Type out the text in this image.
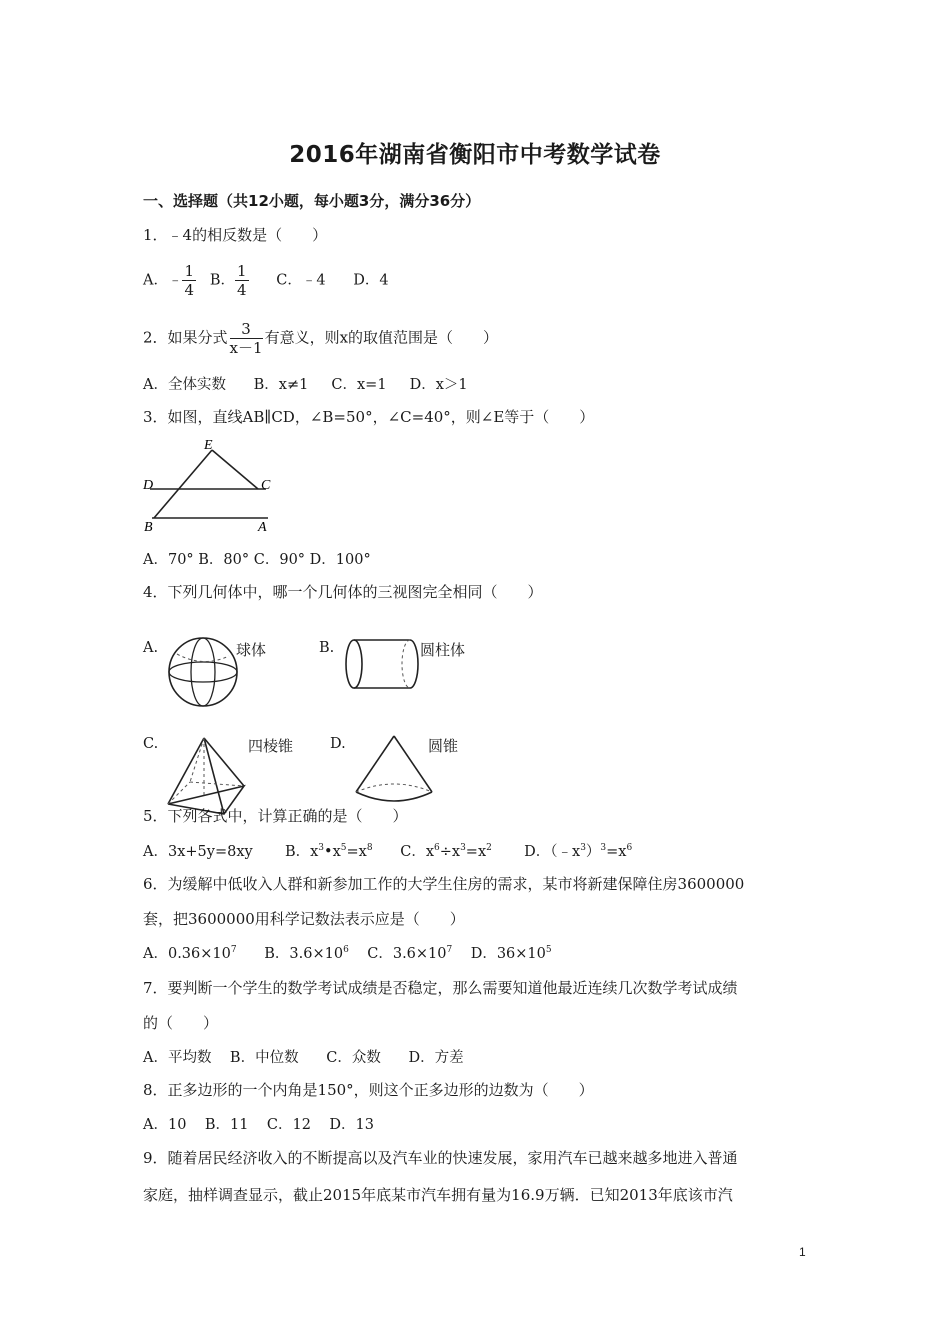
2016年湖南省衡阳市中考数学试卷
一、选择题（共12小题，每小题3分，满分36分）
1．﹣4的相反数是（　　）
A．﹣ $\frac{1}{4}$ B． $\frac{1}{4}$ C．﹣4 D．4
2．如果分式 $\frac{3}{x-1}$ 有意义，则x的取值范围是（　　）
A．全体实数 B．x≠1 C．x=1 D．x＞1
3．如图，直线AB∥CD，∠B=50°，∠C=40°，则∠E等于（　　）
E
D	C
B	A
A．70° B．80° C．90° D．100°
4．下列几何体中，哪一个几何体的三视图完全相同（　　）
A.	球体	B.	圆柱体
C.	四棱锥	D.	圆锥
5．下列各式中，计算正确的是（　　）
A．3x+5y=8xy B．$x^3•x^5=x^8$ C．$x^6\div x^3=x^2$ D．$(﹣x^3)^3=x^6$
6．为缓解中低收入人群和新参加工作的大学生住房的需求，某市将新建保障住房3600000
套，把3600000用科学记数法表示应是（　　）
A．$0.36\times 10^7$ B．$3.6\times 10^6$ C．$3.6\times 10^7$ D．$36\times 10^5$
7．要判断一个学生的数学考试成绩是否稳定，那么需要知道他最近连续几次数学考试成绩
的（　　）
A．平均数 B．中位数 C．众数 D．方差
8．正多边形的一个内角是150°，则这个正多边形的边数为（　　）
A．10 B．11 C．12 D．13
9．随着居民经济收入的不断提高以及汽车业的快速发展，家用汽车已越来越多地进入普通
家庭，抽样调查显示，截止2015年底某市汽车拥有量为16.9万辆．已知2013年底该市汽
1
